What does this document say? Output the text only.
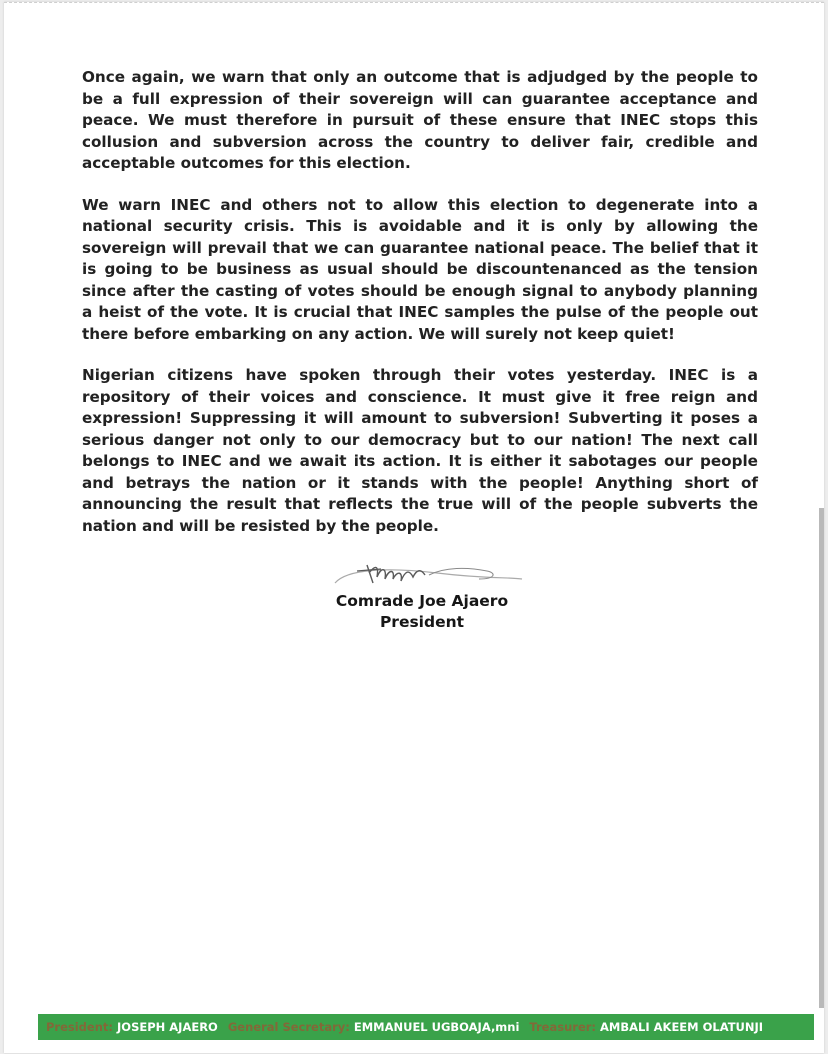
Once again, we warn that only an outcome that is adjudged by the people to be a full expression of their sovereign will can guarantee acceptance and peace. We must therefore in pursuit of these ensure that INEC stops this collusion and subversion across the country to deliver fair, credible and acceptable outcomes for this election.

We warn INEC and others not to allow this election to degenerate into a national security crisis. This is avoidable and it is only by allowing the sovereign will prevail that we can guarantee national peace. The belief that it is going to be business as usual should be discountenanced as the tension since after the casting of votes should be enough signal to anybody planning a heist of the vote. It is crucial that INEC samples the pulse of the people out there before embarking on any action. We will surely not keep quiet!

Nigerian citizens have spoken through their votes yesterday. INEC is a repository of their voices and conscience. It must give it free reign and expression! Suppressing it will amount to subversion! Subverting it poses a serious danger not only to our democracy but to our nation! The next call belongs to INEC and we await its action. It is either it sabotages our people and betrays the nation or it stands with the people! Anything short of announcing the result that reflects the true will of the people subverts the nation and will be resisted by the people.

Comrade Joe Ajaero
President
President: JOSEPH AJAERO General Secretary: EMMANUEL UGBOAJA,mni Treasurer: AMBALI AKEEM OLATUNJI
